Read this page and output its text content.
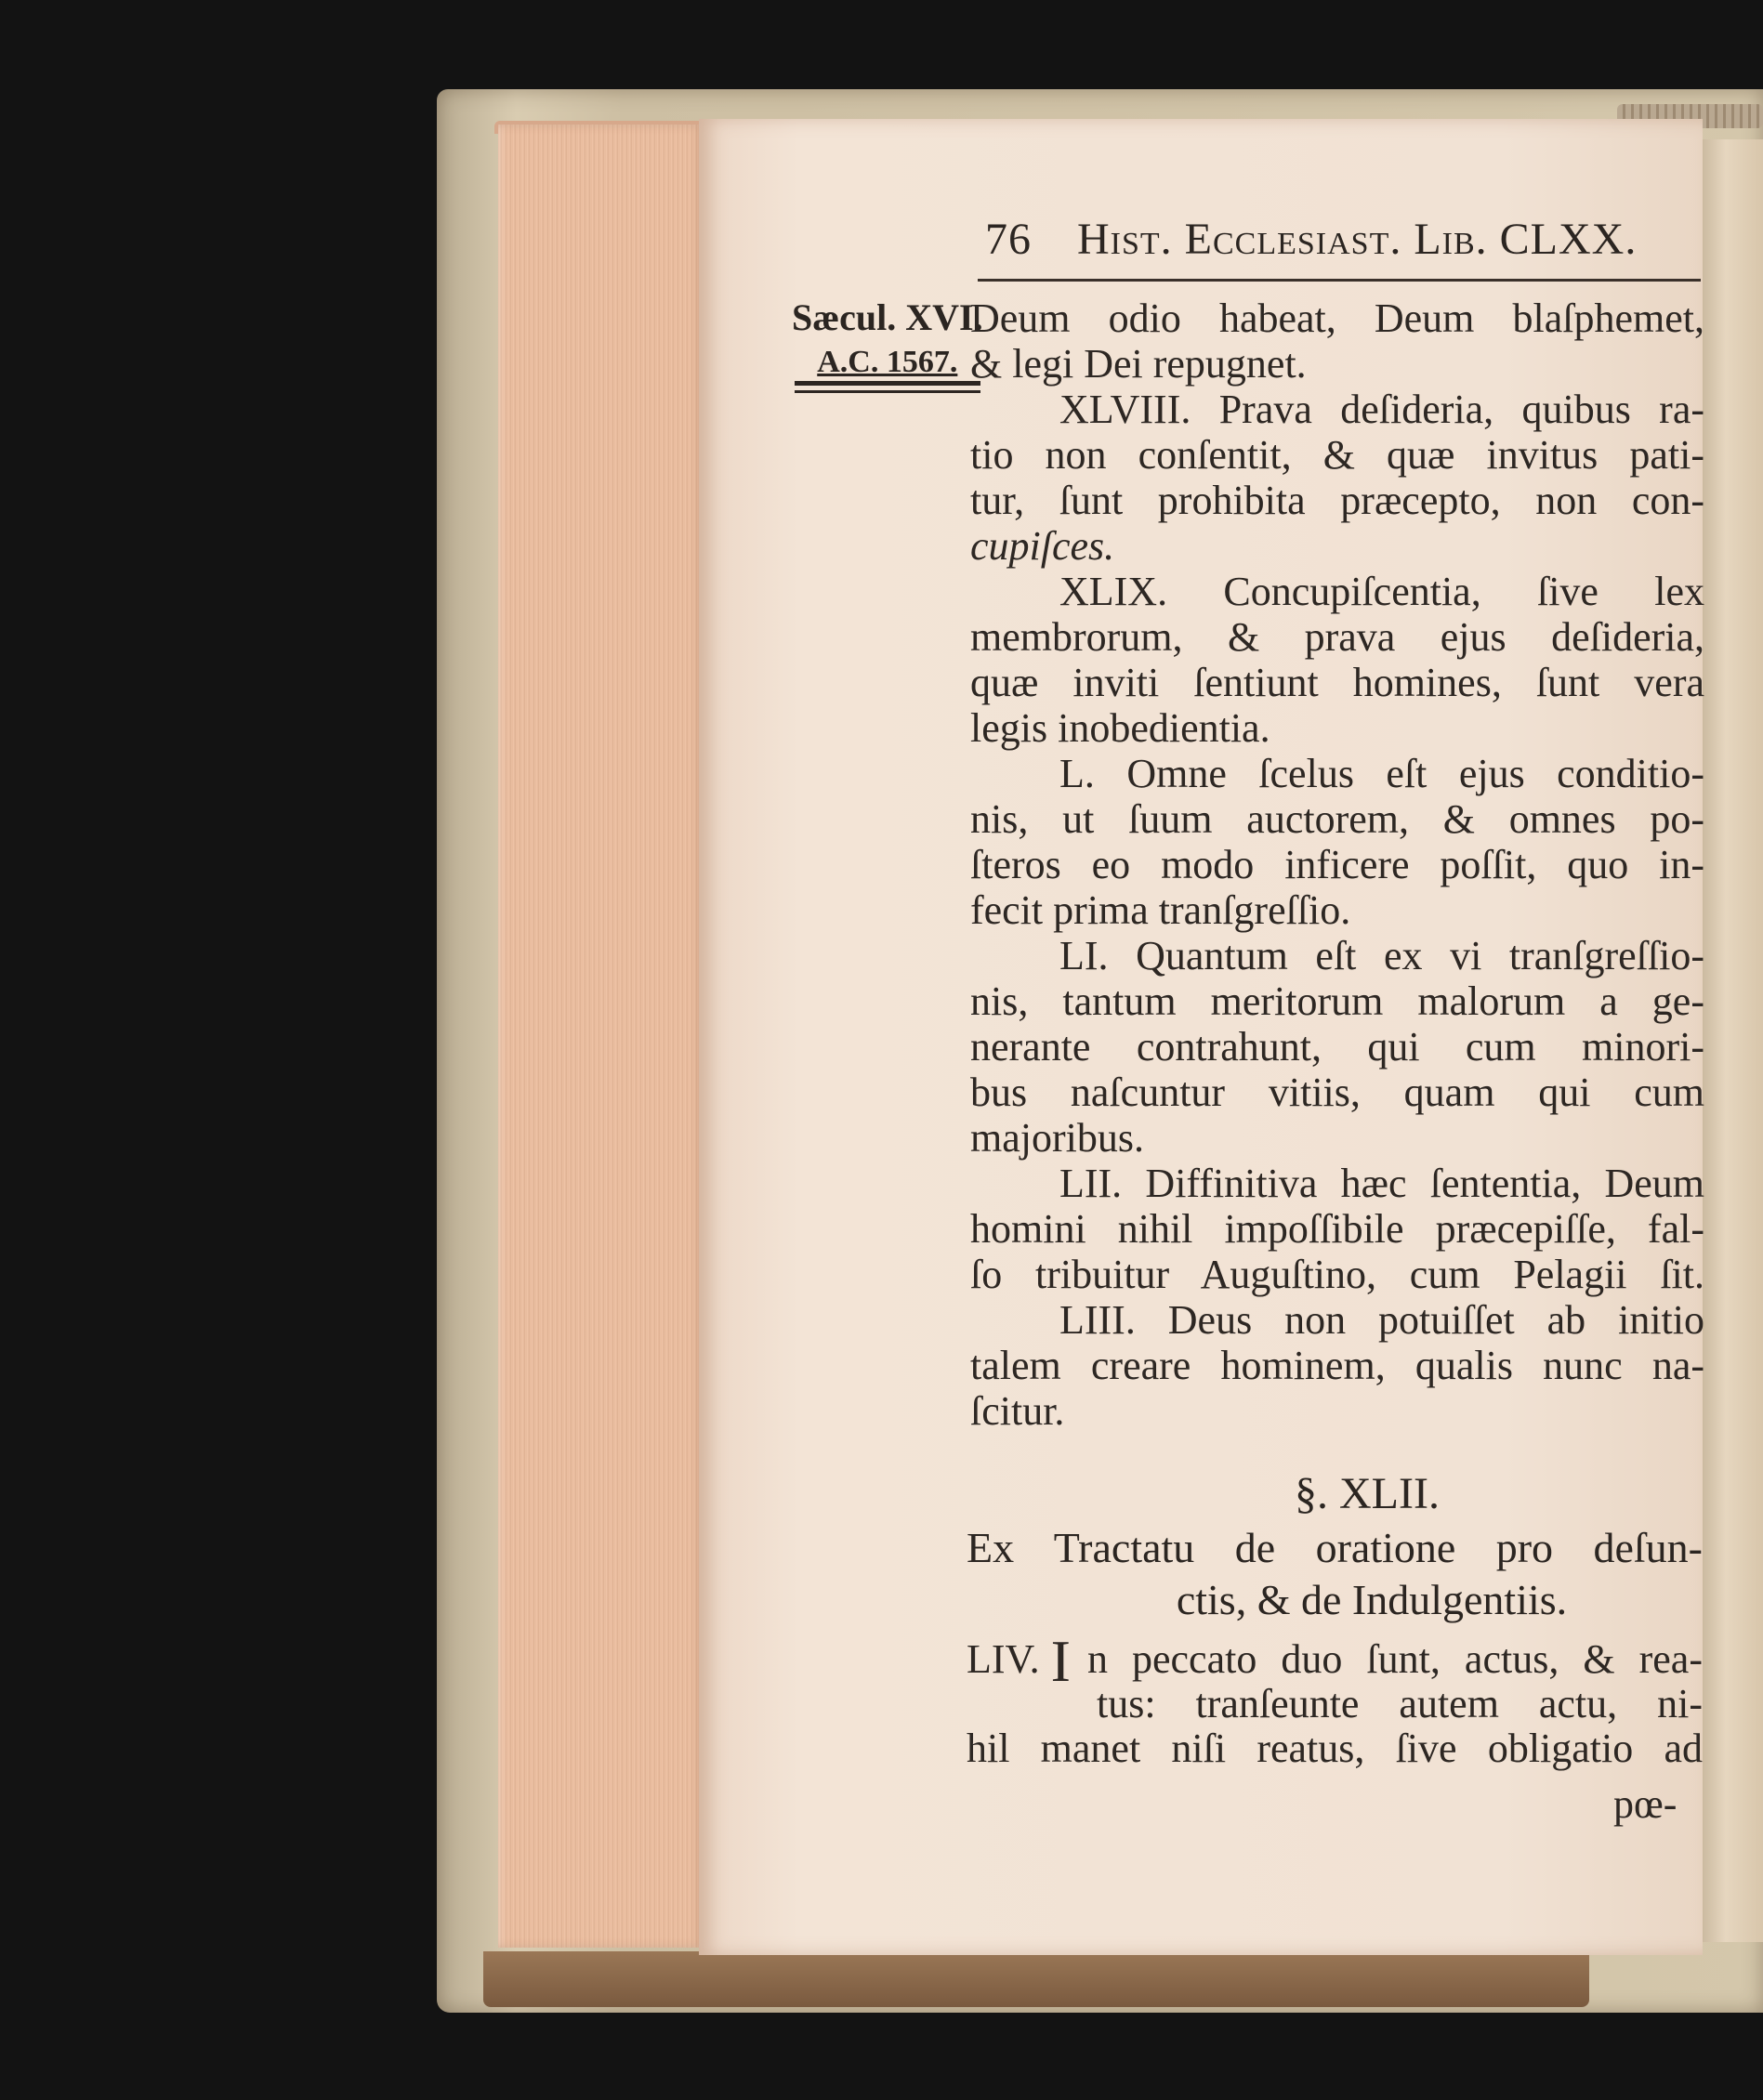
76 Hist. Ecclesiast. Lib. CLXX.
Sæcul. XVI.
A.C. 1567.
Deum odio habeat, Deum blaſphemet,
& legi Dei repugnet.
XLVIII. Prava deſideria, quibus ra-
tio non conſentit, & quæ invitus pati-
tur, ſunt prohibita præcepto, non con-
cupiſces.
XLIX. Concupiſcentia, ſive lex
membrorum, & prava ejus deſideria,
quæ inviti ſentiunt homines, ſunt vera
legis inobedientia.
L. Omne ſcelus eſt ejus conditio-
nis, ut ſuum auctorem, & omnes po-
ſteros eo modo inficere poſſit, quo in-
fecit prima tranſgreſſio.
LI. Quantum eſt ex vi tranſgreſſio-
nis, tantum meritorum malorum a ge-
nerante contrahunt, qui cum minori-
bus naſcuntur vitiis, quam qui cum
majoribus.
LII. Diffinitiva hæc ſententia, Deum
homini nihil impoſſibile præcepiſſe, fal-
ſo tribuitur Auguſtino, cum Pelagii ſit.
LIII. Deus non potuiſſet ab initio
talem creare hominem, qualis nunc na-
ſcitur.
§. XLII.
Ex Tractatu de oratione pro deſun-
ctis, & de Indulgentiis.
LIV. I n peccato duo ſunt, actus, & rea-
tus: tranſeunte autem actu, ni-
hil manet niſi reatus, ſive obligatio ad
pœ-
